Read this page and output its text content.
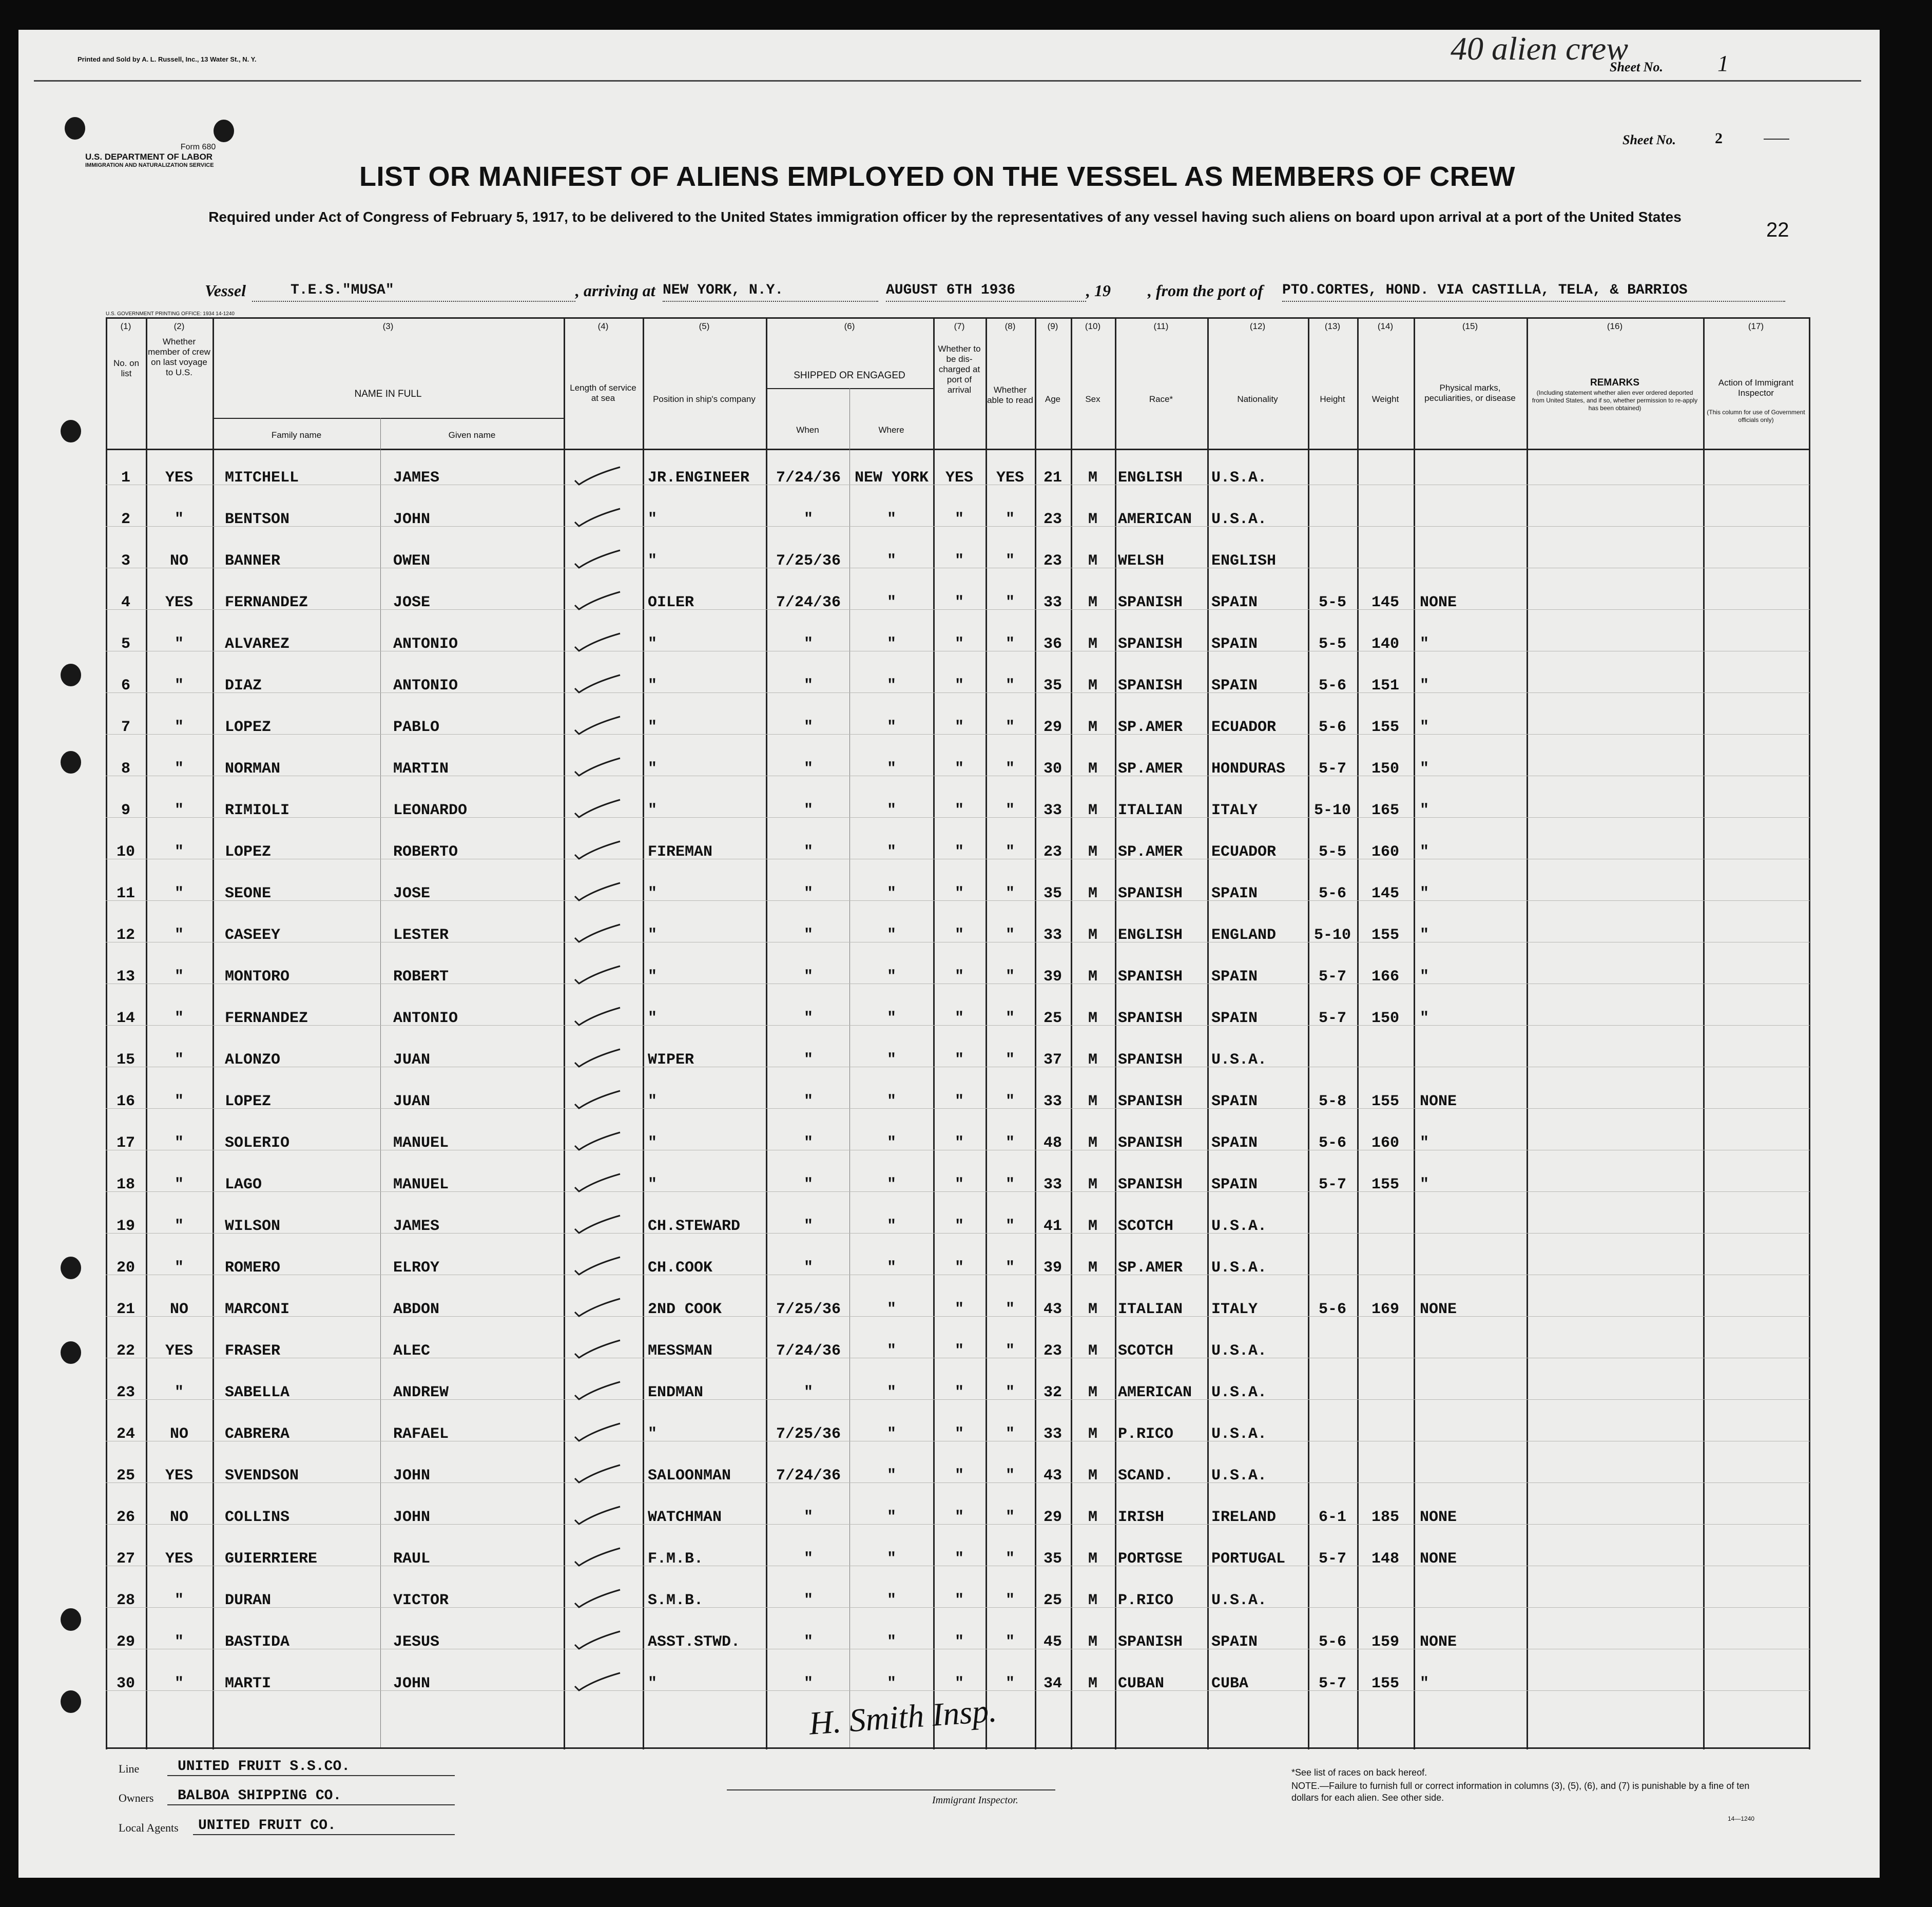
Printed and Sold by A. L. Russell, Inc., 13 Water St., N. Y.	40 alien crew
Sheet No. 1
Form 680
U.S. DEPARTMENT OF LABOR
IMMIGRATION AND NATURALIZATION SERVICE
Sheet No.	2
LIST OR MANIFEST OF ALIENS EMPLOYED ON THE VESSEL AS MEMBERS OF CREW
Required under Act of Congress of February 5, 1917, to be delivered to the United States immigration officer by the representatives of any vessel having such aliens on board upon arrival at a port of the United States
22
Vessel	T.E.S."MUSA"	, arriving at NEW YORK, N.Y.	AUGUST 6TH 1936	, 19 , from the port of PTO.CORTES, HOND. VIA CASTILLA, TELA, & BARRIOS
U.S. GOVERNMENT PRINTING OFFICE: 1934 14-1240
(1)
No. on list
(2)
Whether member of crew on last voyage to U.S.
(3)
NAME IN FULL
Family name	Given name
(4)
Length of service at sea
(5)
Position in ship's company
(6)
SHIPPED OR ENGAGED
When	Where
(7)
Whether to be dis-charged at port of arrival
(8)
Whether able to read
(9)
Age
(10)
Sex
(11)
Race*
(12)
Nationality
(13)
Height
(14)
Weight
(15)
Physical marks, peculiarities, or disease
(16)
REMARKS
(Including statement whether alien ever ordered deported from United States, and if so, whether permission to re-apply has been obtained)
(17)
Action of Immigrant Inspector
(This column for use of Government officials only)
1	YES	MITCHELL	JAMES	JR.ENGINEER	7/24/36 NEW YORK	YES	YES	21	M	ENGLISH	U.S.A.
2	"	BENTSON	JOHN	"	"	"	"	"	23	M	AMERICAN	U.S.A.
3	NO	BANNER	OWEN	"	7/25/36	"	"	"	23	M	WELSH	ENGLISH
4	YES	FERNANDEZ	JOSE	OILER	7/24/36	"	"	"	33	M	SPANISH	SPAIN	5-5	145	NONE
5	"	ALVAREZ	ANTONIO	"	"	"	"	"	36	M	SPANISH	SPAIN	5-5	140	"
6	"	DIAZ	ANTONIO	"	"	"	"	"	35	M	SPANISH	SPAIN	5-6	151	"
7	"	LOPEZ	PABLO	"	"	"	"	"	29	M	SP.AMER	ECUADOR	5-6	155	"
8	"	NORMAN	MARTIN	"	"	"	"	"	30	M	SP.AMER	HONDURAS	5-7	150	"
9	"	RIMIOLI	LEONARDO	"	"	"	"	"	33	M	ITALIAN	ITALY	5-10	165	"
10	"	LOPEZ	ROBERTO	FIREMAN	"	"	"	"	23	M	SP.AMER	ECUADOR	5-5	160	"
11	"	SEONE	JOSE	"	"	"	"	"	35	M	SPANISH	SPAIN	5-6	145	"
12	"	CASEEY	LESTER	"	"	"	"	"	33	M	ENGLISH	ENGLAND	5-10	155	"
13	"	MONTORO	ROBERT	"	"	"	"	"	39	M	SPANISH	SPAIN	5-7	166	"
14	"	FERNANDEZ	ANTONIO	"	"	"	"	"	25	M	SPANISH	SPAIN	5-7	150	"
15	"	ALONZO	JUAN	WIPER	"	"	"	"	37	M	SPANISH	U.S.A.
16	"	LOPEZ	JUAN	"	"	"	"	"	33	M	SPANISH	SPAIN	5-8	155	NONE
17	"	SOLERIO	MANUEL	"	"	"	"	"	48	M	SPANISH	SPAIN	5-6	160	"
18	"	LAGO	MANUEL	"	"	"	"	"	33	M	SPANISH	SPAIN	5-7	155	"
19	"	WILSON	JAMES	CH.STEWARD	"	"	"	"	41	M	SCOTCH	U.S.A.
20	"	ROMERO	ELROY	CH.COOK	"	"	"	"	39	M	SP.AMER	U.S.A.
21	NO	MARCONI	ABDON	2ND COOK	7/25/36	"	"	"	43	M	ITALIAN	ITALY	5-6	169	NONE
22	YES	FRASER	ALEC	MESSMAN	7/24/36	"	"	"	23	M	SCOTCH	U.S.A.
23	"	SABELLA	ANDREW	ENDMAN	"	"	"	"	32	M	AMERICAN	U.S.A.
24	NO	CABRERA	RAFAEL	"	7/25/36	"	"	"	33	M	P.RICO	U.S.A.
25	YES	SVENDSON	JOHN	SALOONMAN	7/24/36	"	"	"	43	M	SCAND.	U.S.A.
26	NO	COLLINS	JOHN	WATCHMAN	"	"	"	"	29	M	IRISH	IRELAND	6-1	185	NONE
27	YES	GUIERRIERE	RAUL	F.M.B.	"	"	"	"	35	M	PORTGSE	PORTUGAL	5-7	148	NONE
28	"	DURAN	VICTOR	S.M.B.	"	"	"	"	25	M	P.RICO	U.S.A.
29	"	BASTIDA	JESUS	ASST.STWD.	"	"	"	"	45	M	SPANISH	SPAIN	5-6	159	NONE
30	"	MARTI	JOHN	"	"	"	"	"	34	M	CUBAN	CUBA	5-7	155	"
H. Smith Insp.
Line	UNITED FRUIT S.S.CO.
Owners BALBOA SHIPPING CO.
Local Agents UNITED FRUIT CO.
Immigrant Inspector.
*See list of races on back hereof.
NOTE.—Failure to furnish full or correct information in columns (3), (5), (6), and (7) is punishable by a fine of ten dollars for each alien. See other side.
14—1240
